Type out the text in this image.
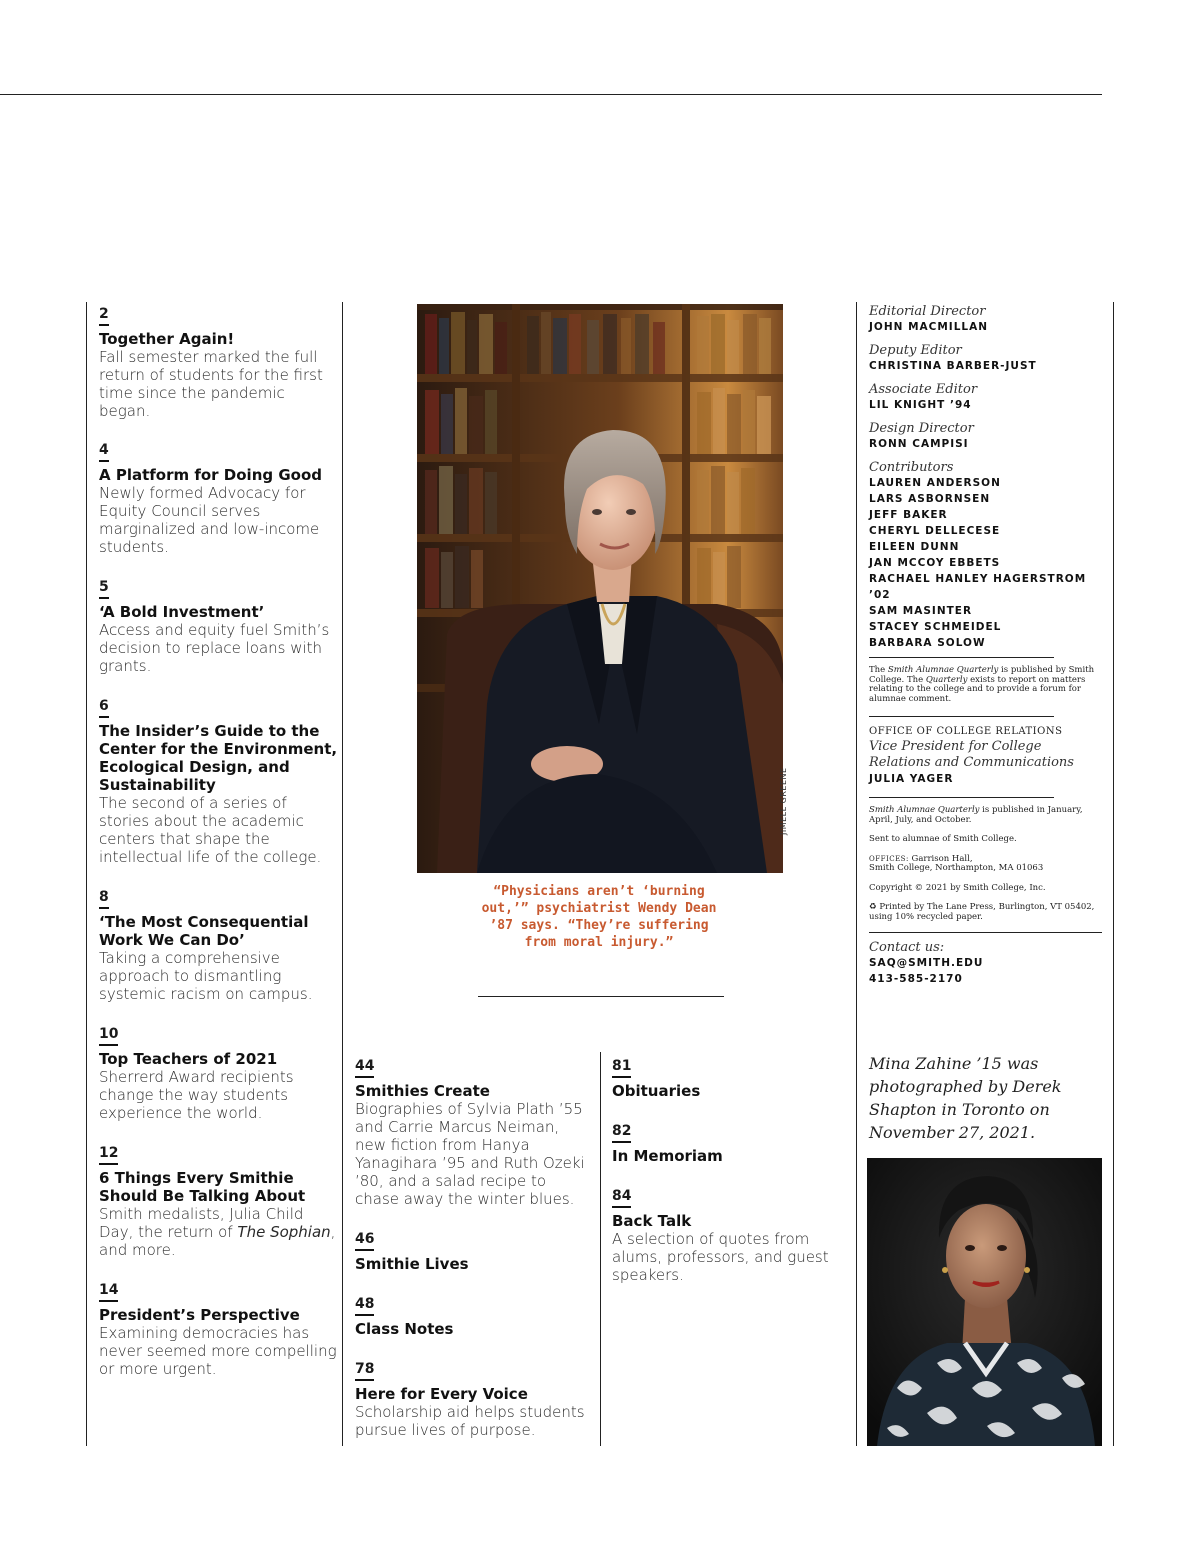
2
Together Again!
Fall semester marked the full return of students for the first time since the pandemic began.
4
A Platform for Doing Good
Newly formed Advocacy for Equity Council serves marginalized and low-income students.
5
‘A Bold Investment’
Access and equity fuel Smith’s decision to replace loans with grants.
6
The Insider’s Guide to the Center for the Environment, Ecological Design, and Sustainability
The second of a series of stories about the academic centers that shape the intellectual life of the college.
8
‘The Most Consequential Work We Can Do’
Taking a comprehensive approach to dismantling systemic racism on campus.
10
Top Teachers of 2021
Sherrerd Award recipients change the way students experience the world.
12
6 Things Every Smithie Should Be Talking About
Smith medalists, Julia Child Day, the return of The Sophian, and more.
14
President’s Perspective
Examining democracies has never seemed more compelling or more urgent.
44
Smithies Create
Biographies of Sylvia Plath ’55 and Carrie Marcus Neiman, new fiction from Hanya Yanagihara ’95 and Ruth Ozeki ’80, and a salad recipe to chase away the winter blues.
46
Smithie Lives
48
Class Notes
78
Here for Every Voice
Scholarship aid helps students pursue lives of purpose.
81
Obituaries
82
In Memoriam
84
Back Talk
A selection of quotes from alums, professors, and guest speakers.
JIMELL GREENE
“Physicians aren’t ‘burning out,’” psychiatrist Wendy Dean ’87 says. “They’re suffering from moral injury.”
Editorial Director
JOHN MACMILLAN
Deputy Editor
CHRISTINA BARBER-JUST
Associate Editor
LIL KNIGHT ’94
Design Director
RONN CAMPISI
Contributors
LAUREN ANDERSON
LARS ASBORNSEN
JEFF BAKER
CHERYL DELLECESE
EILEEN DUNN
JAN MCCOY EBBETS
RACHAEL HANLEY HAGERSTROM ’02
SAM MASINTER
STACEY SCHMEIDEL
BARBARA SOLOW
The Smith Alumnae Quarterly is published by Smith College. The Quarterly exists to report on matters relating to the college and to provide a forum for alumnae comment.
OFFICE OF COLLEGE RELATIONS
Vice President for College Relations and Communications
JULIA YAGER
Smith Alumnae Quarterly is published in January, April, July, and October.
Sent to alumnae of Smith College.
OFFICES: Garrison Hall,
Smith College, Northampton, MA 01063
Copyright © 2021 by Smith College, Inc.
♻ Printed by The Lane Press, Burlington, VT 05402, using 10% recycled paper.
Contact us:
SAQ@SMITH.EDU
413-585-2170
Mina Zahine ’15 was photographed by Derek Shapton in Toronto on November 27, 2021.
